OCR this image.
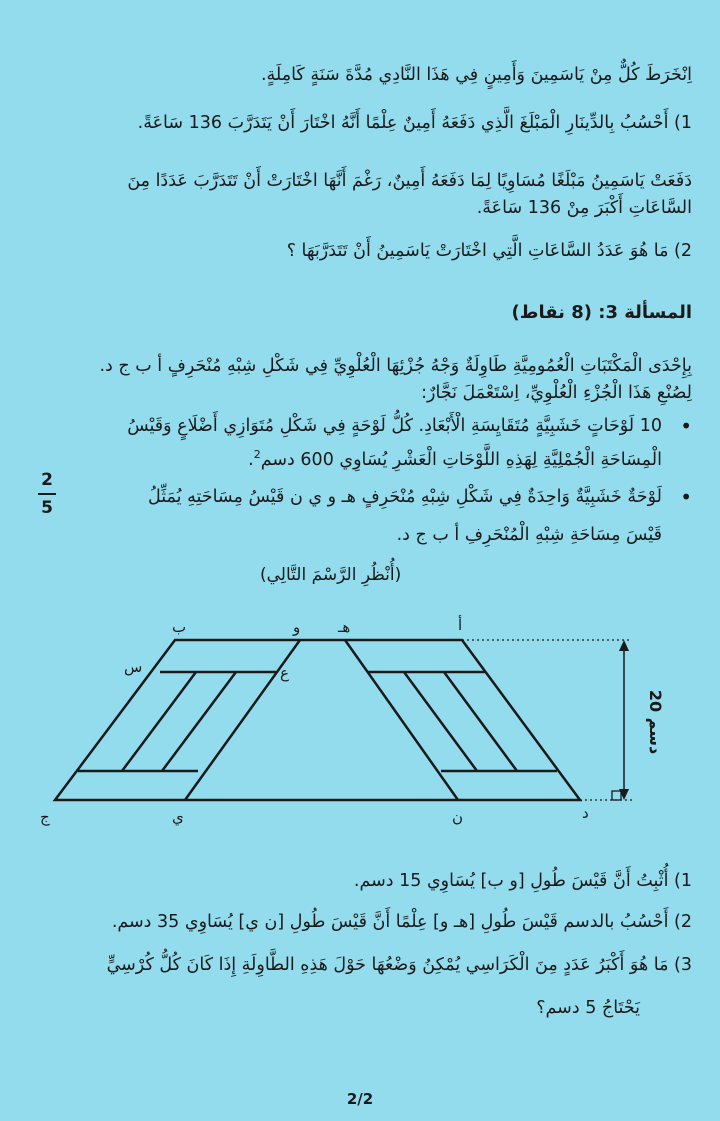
اِنْخَرَطَ كُلٌّ مِنْ يَاسَمِينَ وَأَمِينٍ فِي هَذَا النَّادِي مُدَّةَ سَنَةٍ كَامِلَةٍ.
1) أَحْسُبُ بِالدِّينَارِ الْمَبْلَغَ الَّذِي دَفَعَهُ أَمِينٌ عِلْمًا أَنَّهُ اخْتَارَ أَنْ يَتَدَرَّبَ 136 سَاعَةً.
دَفَعَتْ يَاسَمِينُ مَبْلَغًا مُسَاوِيًا لِمَا دَفَعَهُ أَمِينٌ، رَغْمَ أَنَّهَا اخْتَارَتْ أَنْ تَتَدَرَّبَ عَدَدًا مِنَ
السَّاعَاتِ أَكْبَرَ مِنْ 136 سَاعَةً.
2) مَا هُوَ عَدَدُ السَّاعَاتِ الَّتِي اخْتَارَتْ يَاسَمِينُ أَنْ تَتَدَرَّبَهَا ؟
المسألة 3: (8 نقاط)
بِإِحْدَى الْمَكْتَبَاتِ الْعُمُومِيَّةِ طَاوِلَةٌ وَجْهُ جُزْئِهَا الْعُلْوِيِّ فِي شَكْلِ شِبْهِ مُنْحَرِفٍ أ ب ج د.
لِصُنْعِ هَذَا الْجُزْءِ الْعُلْوِيِّ، اِسْتَعْمَلَ نَجَّارٌ:
• 10 لَوْحَاتٍ خَشَبِيَّةٍ مُتَقَايِسَةِ الْأَبْعَادِ. كُلُّ لَوْحَةٍ فِي شَكْلِ مُتَوَازِي أَضْلَاعٍ وَقَيْسُ
الْمِسَاحَةِ الْجُمْلِيَّةِ لِهَذِهِ اللَّوْحَاتِ الْعَشْرِ يُسَاوِي 600 دسم$^2$.
• لَوْحَةٌ خَشَبِيَّةٌ وَاحِدَةٌ فِي شَكْلِ شِبْهِ مُنْحَرِفٍ هـ و ي ن قَيْسُ مِسَاحَتِهِ يُمَثِّلُ
قَيْسَ مِسَاحَةِ شِبْهِ الْمُنْحَرِفِ أ ب ج د.
2
5
(أُنْظُرِ الرَّسْمَ التَّالِي)
ب	و	هـ	أ
س	ع
ج	ي	ن	د
20 دسم
1) أُثْبِتُ أَنَّ قَيْسَ طُولِ [و ب] يُسَاوِي 15 دسم.
2) أَحْسُبُ بالدسم قَيْسَ طُولِ [هـ و] عِلْمًا أَنَّ قَيْسَ طُولِ [ن ي] يُسَاوِي 35 دسم.
3) مَا هُوَ أَكْبَرُ عَدَدٍ مِنَ الْكَرَاسِي يُمْكِنُ وَضْعُهَا حَوْلَ هَذِهِ الطَّاوِلَةِ إِذَا كَانَ كُلُّ كُرْسِيٍّ
يَحْتَاجُ 5 دسم؟
2/2
